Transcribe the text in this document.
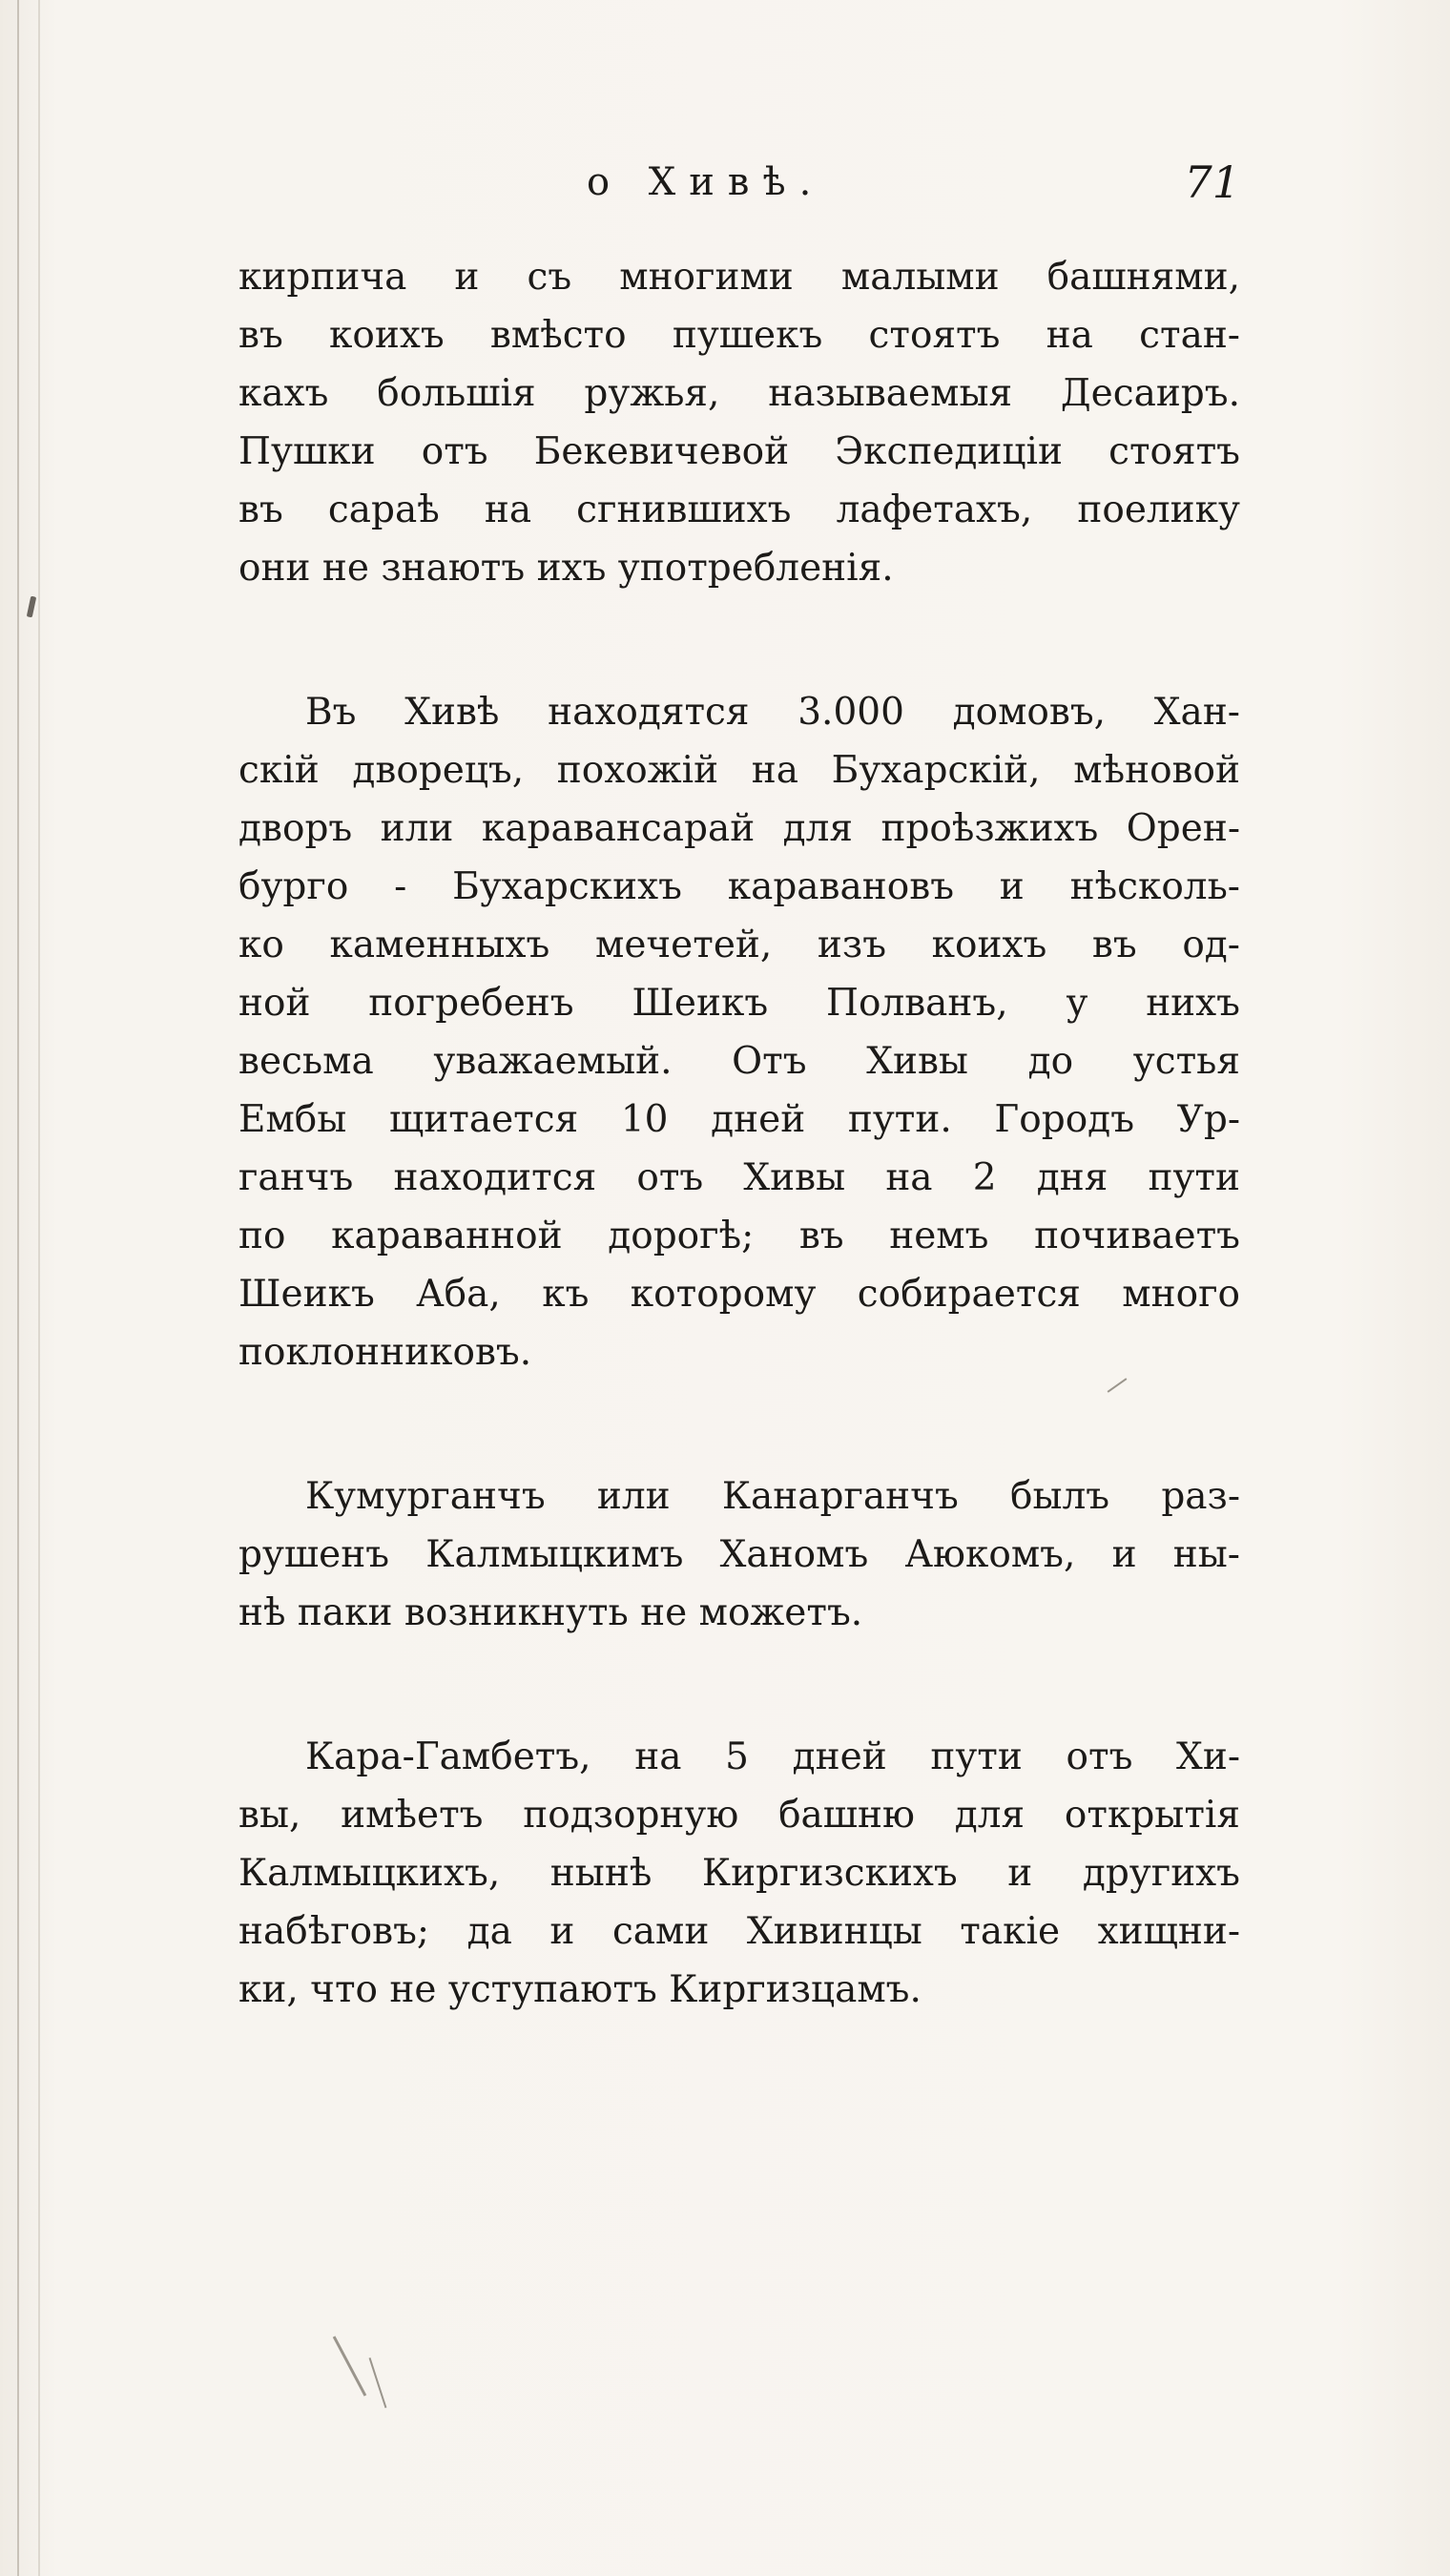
о Хивѣ.	71
кирпича и съ многими малыми башнями,
въ коихъ вмѣсто пушекъ стоятъ на стан-
кахъ большія ружья, называемыя Десаиръ.
Пушки отъ Бекевичевой Экспедиціи стоятъ
въ сараѣ на сгнившихъ лафетахъ, поелику
они не знаютъ ихъ употребленія.
Въ Хивѣ находятся 3.000 домовъ, Хан-
скій дворецъ, похожій на Бухарскій, мѣновой
дворъ или каравансарай для проѣзжихъ Орен-
бурго - Бухарскихъ каравановъ и нѣсколь-
ко каменныхъ мечетей, изъ коихъ въ од-
ной погребенъ Шеикъ Полванъ, у нихъ
весьма уважаемый. Отъ Хивы до устья
Ембы щитается 10 дней пути. Городъ Ур-
ганчъ находится отъ Хивы на 2 дня пути
по караванной дорогѣ; въ немъ почиваетъ
Шеикъ Аба, къ которому собирается много
поклонниковъ.
Кумурганчъ или Канарганчъ былъ раз-
рушенъ Калмыцкимъ Ханомъ Аюкомъ, и ны-
нѣ паки возникнуть не можетъ.
Кара-Гамбетъ, на 5 дней пути отъ Хи-
вы, имѣетъ подзорную башню для открытія
Калмыцкихъ, нынѣ Киргизскихъ и другихъ
набѣговъ; да и сами Хивинцы такіе хищни-
ки, что не уступаютъ Киргизцамъ.
